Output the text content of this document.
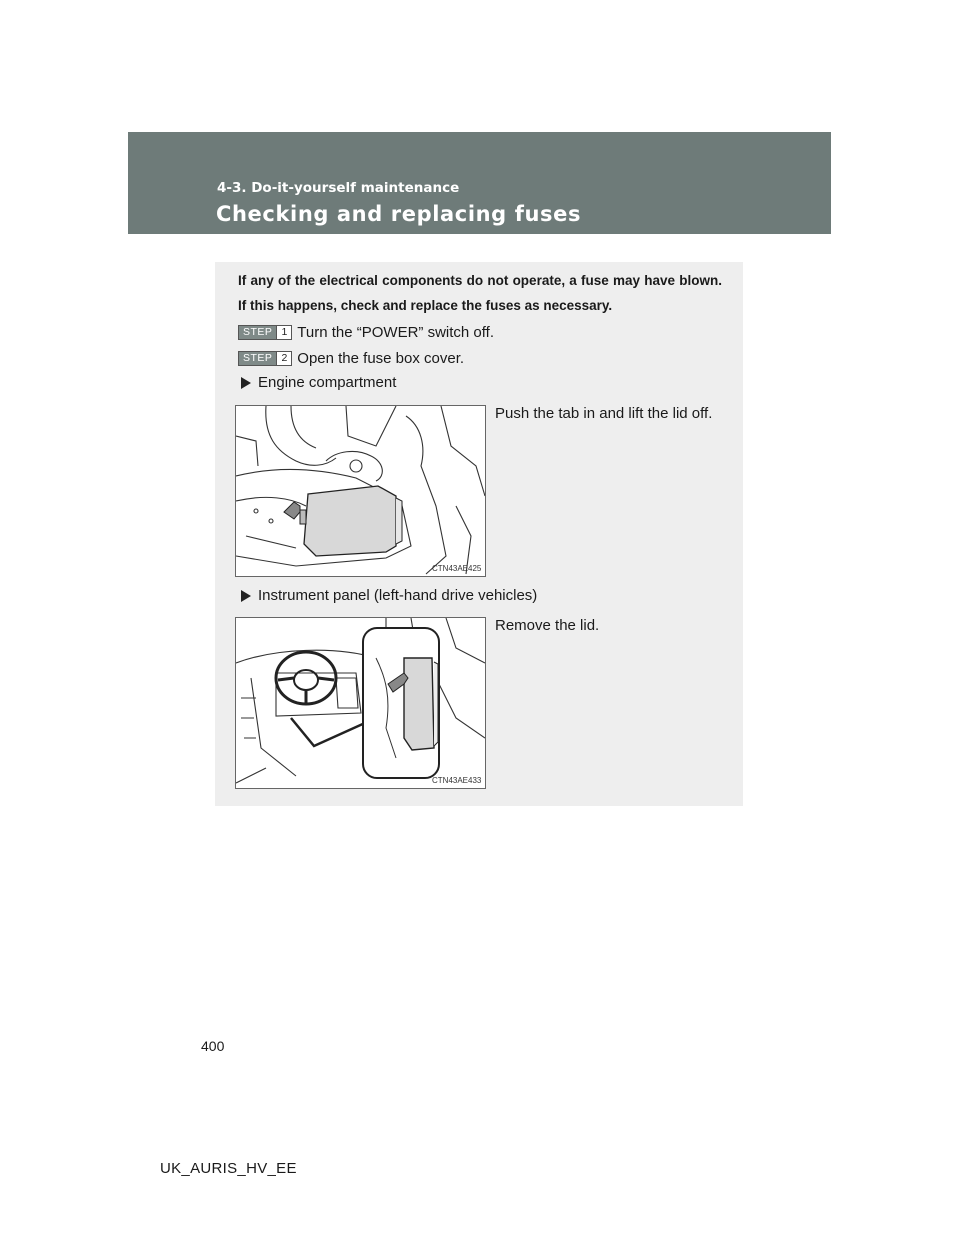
4-3. Do-it-yourself maintenance
Checking and replacing fuses
If any of the electrical components do not operate, a fuse may have blown. If this happens, check and replace the fuses as necessary.
STEP 1 Turn the “POWER” switch off.
STEP 2 Open the fuse box cover.
Engine compartment
CTN43AE425
Push the tab in and lift the lid off.
Instrument panel (left-hand drive vehicles)
CTN43AE433
Remove the lid.
400
UK_AURIS_HV_EE
